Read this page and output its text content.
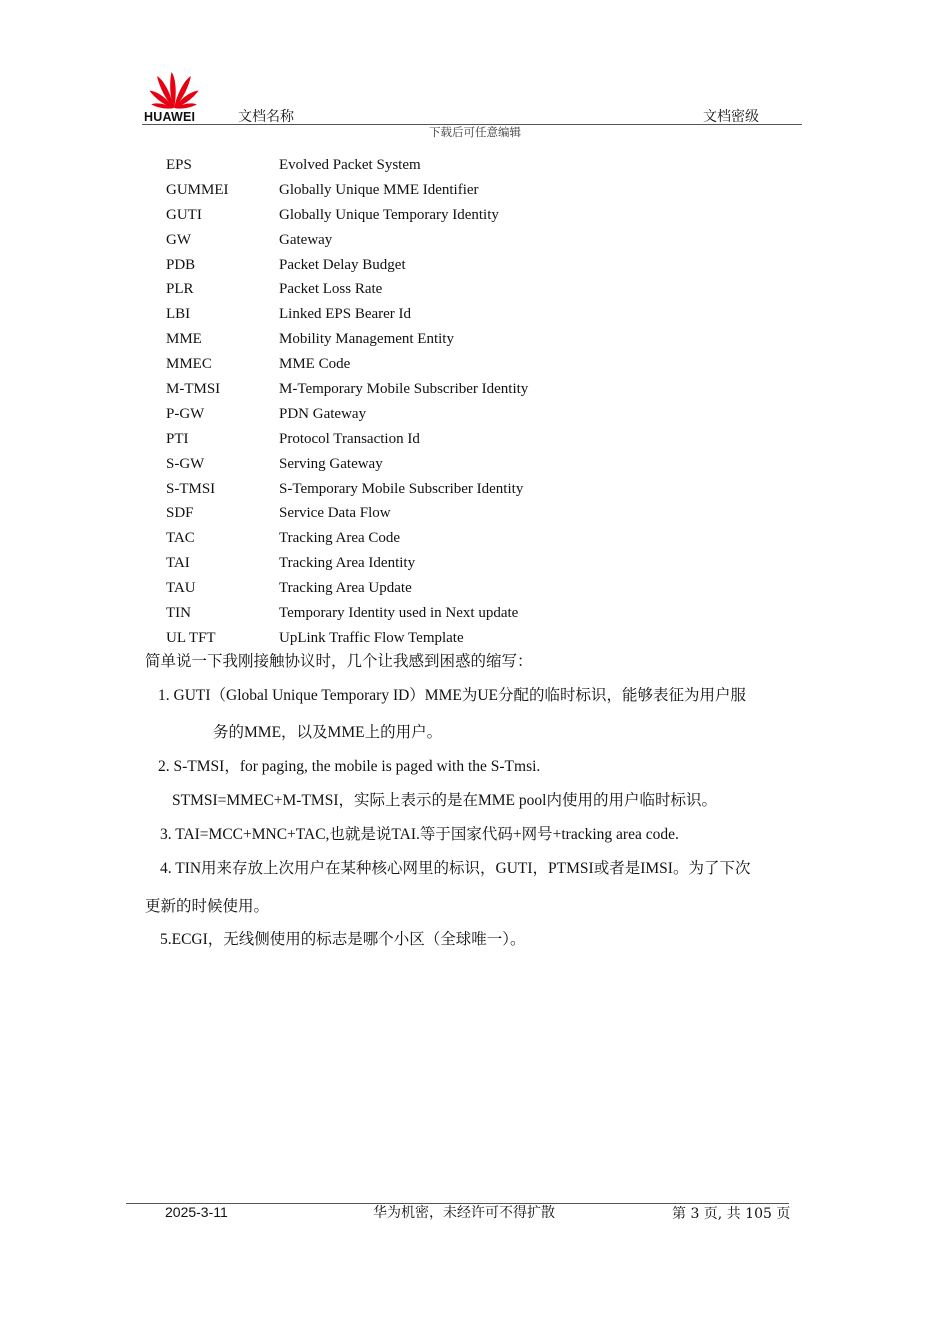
HUAWEI	文档名称	文档密级
下载后可任意编辑
EPS	Evolved Packet System
GUMMEI	Globally Unique MME Identifier
GUTI	Globally Unique Temporary Identity
GW	Gateway
PDB	Packet Delay Budget
PLR	Packet Loss Rate
LBI	Linked EPS Bearer Id
MME	Mobility Management Entity
MMEC	MME Code
M-TMSI	M-Temporary Mobile Subscriber Identity
P-GW	PDN Gateway
PTI	Protocol Transaction Id
S-GW	Serving Gateway
S-TMSI	S-Temporary Mobile Subscriber Identity
SDF	Service Data Flow
TAC	Tracking Area Code
TAI	Tracking Area Identity
TAU	Tracking Area Update
TIN	Temporary Identity used in Next update
UL TFT	UpLink Traffic Flow Template
简单说一下我刚接触协议时，几个让我感到困惑的缩写：
1. GUTI（Global Unique Temporary ID）MME为UE分配的临时标识，能够表征为用户服
务的MME，以及MME上的用户。
2. S-TMSI，for paging, the mobile is paged with the S-Tmsi.
STMSI=MMEC+M-TMSI，实际上表示的是在MME pool内使用的用户临时标识。
3. TAI=MCC+MNC+TAC,也就是说TAI.等于国家代码+网号+tracking area code.
4. TIN用来存放上次用户在某种核心网里的标识，GUTI，PTMSI或者是IMSI。为了下次
更新的时候使用。
5.ECGI，无线侧使用的标志是哪个小区（全球唯一）。
2025-3-11	华为机密，未经许可不得扩散	第 3 页, 共 105 页
